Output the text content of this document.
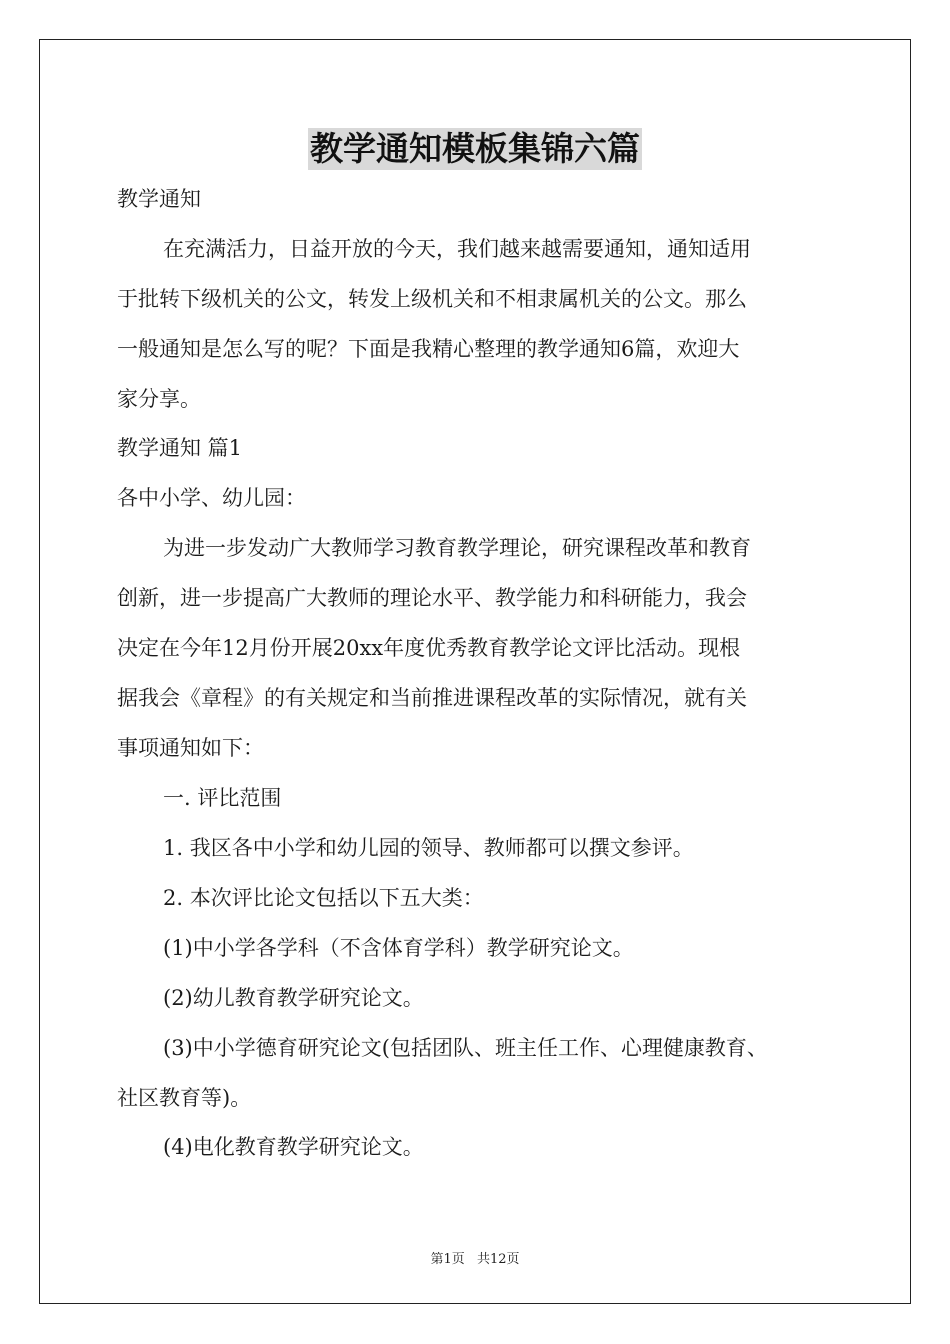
教学通知模板集锦六篇
教学通知
在充满活力，日益开放的今天，我们越来越需要通知，通知适用
于批转下级机关的公文，转发上级机关和不相隶属机关的公文。那么
一般通知是怎么写的呢？下面是我精心整理的教学通知6篇，欢迎大
家分享。
教学通知 篇1
各中小学、幼儿园：
为进一步发动广大教师学习教育教学理论，研究课程改革和教育
创新，进一步提高广大教师的理论水平、教学能力和科研能力，我会
决定在今年12月份开展20xx年度优秀教育教学论文评比活动。现根
据我会《章程》的有关规定和当前推进课程改革的实际情况，就有关
事项通知如下：
一. 评比范围
1. 我区各中小学和幼儿园的领导、教师都可以撰文参评。
2. 本次评比论文包括以下五大类：
(1)中小学各学科（不含体育学科）教学研究论文。
(2)幼儿教育教学研究论文。
(3)中小学德育研究论文(包括团队、班主任工作、心理健康教育、
社区教育等)。
(4)电化教育教学研究论文。
第1页 共12页
